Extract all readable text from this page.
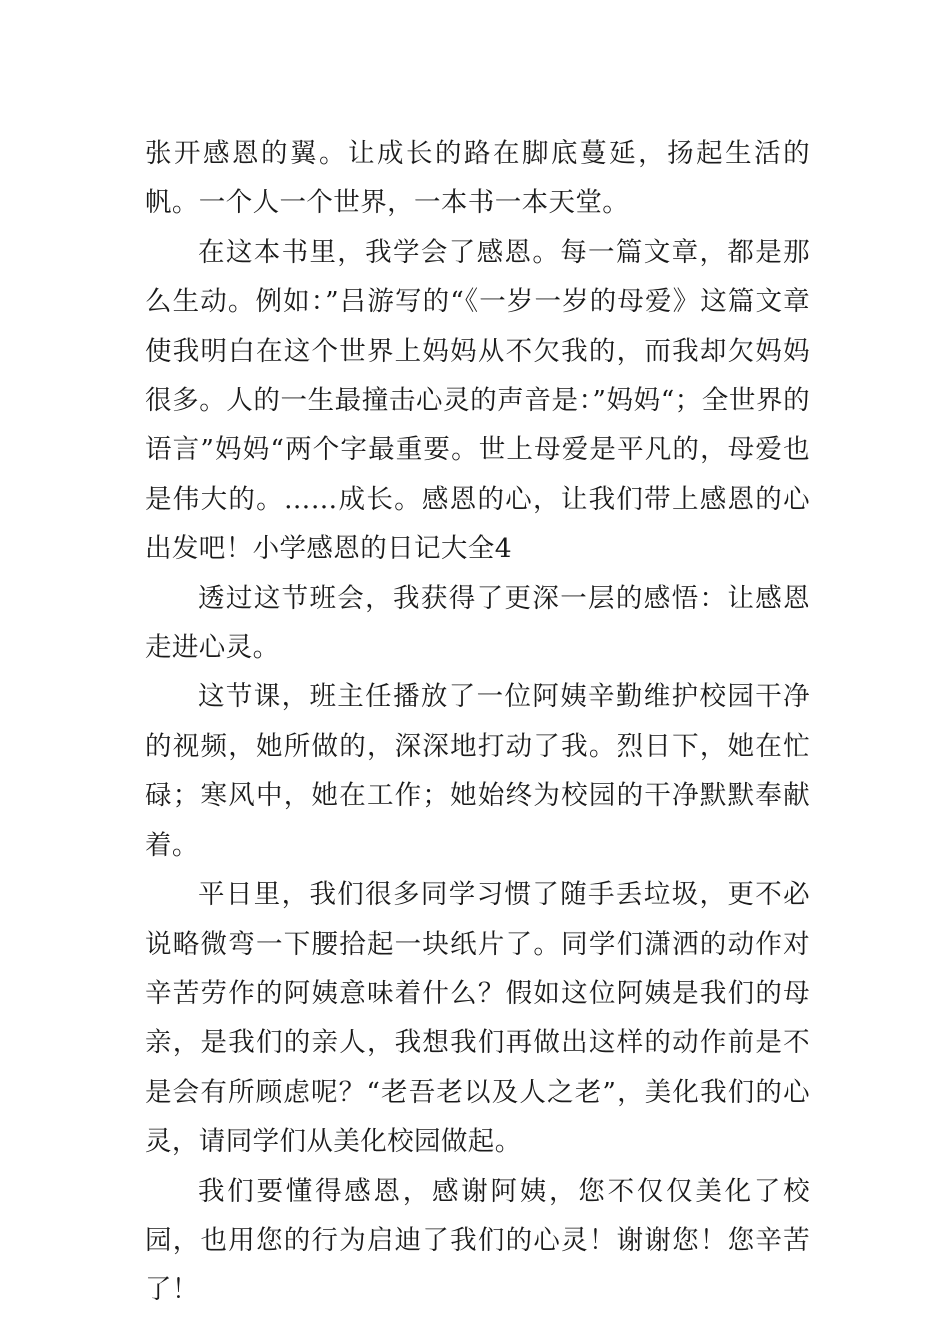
张开感恩的翼。让成长的路在脚底蔓延，扬起生活的帆。一个人一个世界，一本书一本天堂。

在这本书里，我学会了感恩。每一篇文章，都是那么生动。例如：”吕游写的“《一岁一岁的母爱》这篇文章使我明白在这个世界上妈妈从不欠我的，而我却欠妈妈很多。人的一生最撞击心灵的声音是：”妈妈“；全世界的语言”妈妈“两个字最重要。世上母爱是平凡的，母爱也是伟大的。……成长。感恩的心，让我们带上感恩的心出发吧！小学感恩的日记大全4

透过这节班会，我获得了更深一层的感悟：让感恩走进心灵。

这节课，班主任播放了一位阿姨辛勤维护校园干净的视频，她所做的，深深地打动了我。烈日下，她在忙碌；寒风中，她在工作；她始终为校园的干净默默奉献着。

平日里，我们很多同学习惯了随手丢垃圾，更不必说略微弯一下腰拾起一块纸片了。同学们潇洒的动作对辛苦劳作的阿姨意味着什么？假如这位阿姨是我们的母亲，是我们的亲人，我想我们再做出这样的动作前是不是会有所顾虑呢？“老吾老以及人之老”，美化我们的心灵，请同学们从美化校园做起。

我们要懂得感恩，感谢阿姨，您不仅仅美化了校园，也用您的行为启迪了我们的心灵！谢谢您！您辛苦了！
